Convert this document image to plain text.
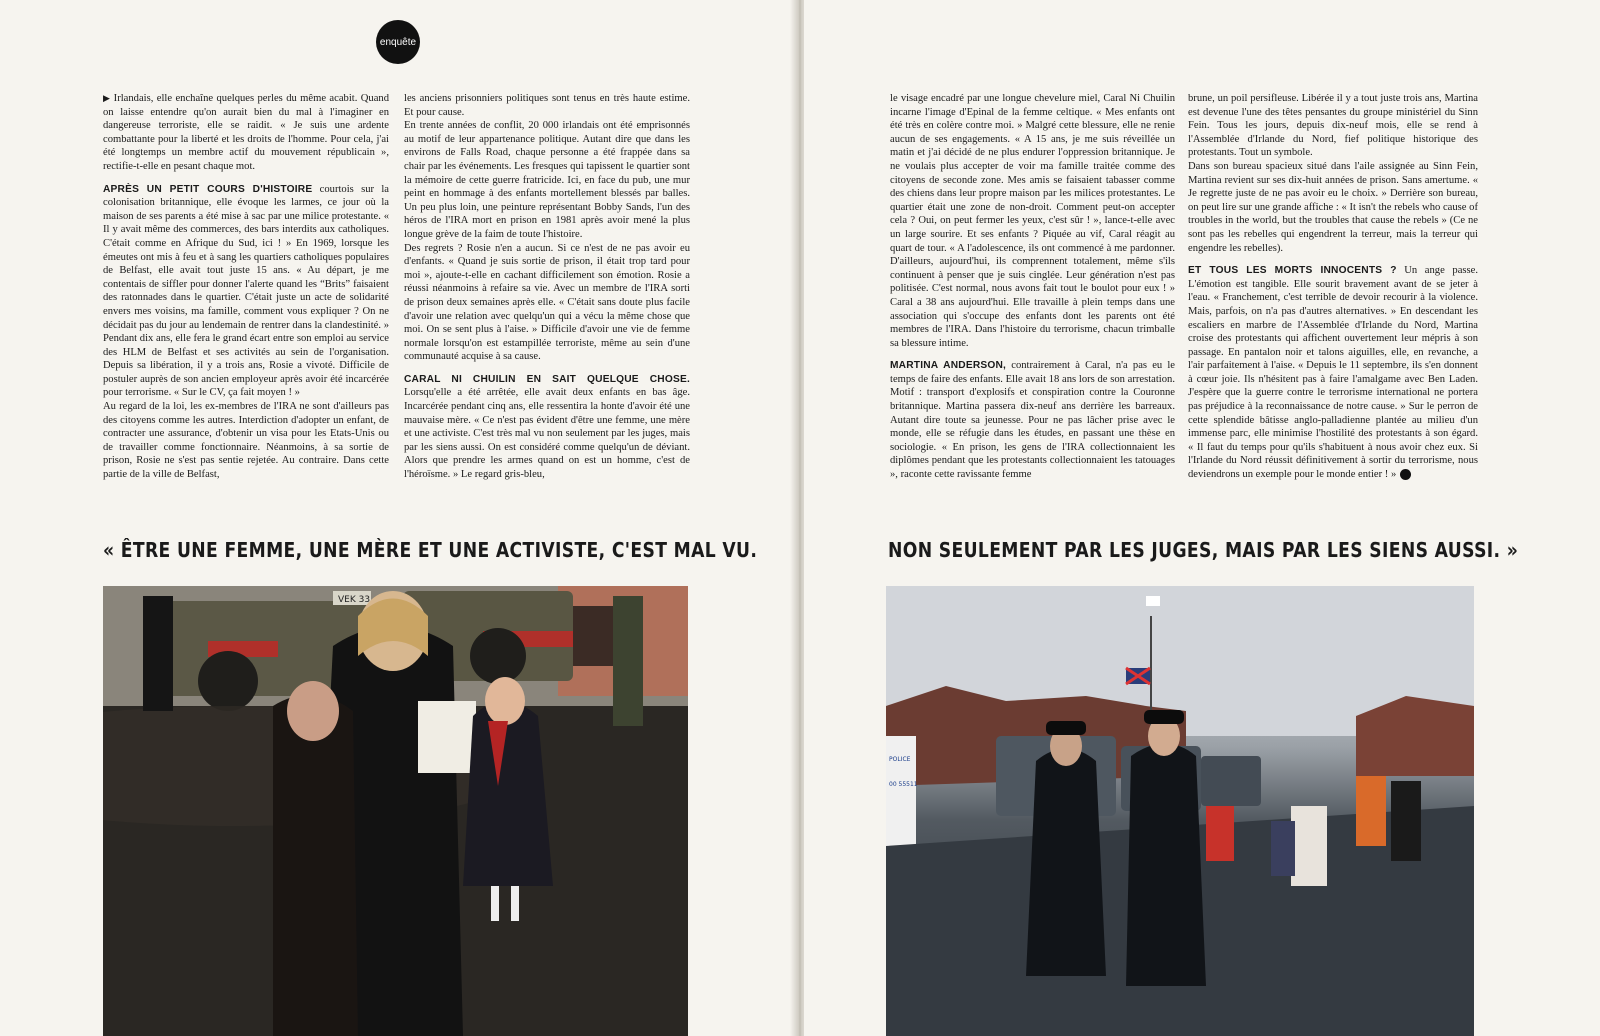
enquête

▶ Irlandais, elle enchaîne quelques perles du même acabit. Quand on laisse entendre qu'on aurait bien du mal à l'imaginer en dangereuse terroriste, elle se raidit. « Je suis une ardente combattante pour la liberté et les droits de l'homme. Pour cela, j'ai été longtemps un membre actif du mouvement républicain », rectifie-t-elle en pesant chaque mot.

APRÈS UN PETIT COURS D'HISTOIRE courtois sur la colonisation britannique, elle évoque les larmes, ce jour où la maison de ses parents a été mise à sac par une milice protestante. « Il y avait même des commerces, des bars interdits aux catholiques. C'était comme en Afrique du Sud, ici ! » En 1969, lorsque les émeutes ont mis à feu et à sang les quartiers catholiques populaires de Belfast, elle avait tout juste 15 ans. « Au départ, je me contentais de siffler pour donner l'alerte quand les “Brits” faisaient des ratonnades dans le quartier. C'était juste un acte de solidarité envers mes voisins, ma famille, comment vous expliquer ? On ne décidait pas du jour au lendemain de rentrer dans la clandestinité. » Pendant dix ans, elle fera le grand écart entre son emploi au service des HLM de Belfast et ses activités au sein de l'organisation. Depuis sa libération, il y a trois ans, Rosie a vivoté. Difficile de postuler auprès de son ancien employeur après avoir été incarcérée pour terrorisme. « Sur le CV, ça fait moyen ! »

Au regard de la loi, les ex-membres de l'IRA ne sont d'ailleurs pas des citoyens comme les autres. Interdiction d'adopter un enfant, de contracter une assurance, d'obtenir un visa pour les Etats-Unis ou de travailler comme fonctionnaire. Néanmoins, à sa sortie de prison, Rosie ne s'est pas sentie rejetée. Au contraire. Dans cette partie de la ville de Belfast,

les anciens prisonniers politiques sont tenus en très haute estime. Et pour cause.

En trente années de conflit, 20 000 irlandais ont été emprisonnés au motif de leur appartenance politique. Autant dire que dans les environs de Falls Road, chaque personne a été frappée dans sa chair par les événements. Les fresques qui tapissent le quartier sont la mémoire de cette guerre fratricide. Ici, en face du pub, une mur peint en hommage à des enfants mortellement blessés par balles. Un peu plus loin, une peinture représentant Bobby Sands, l'un des héros de l'IRA mort en prison en 1981 après avoir mené la plus longue grève de la faim de toute l'histoire.

Des regrets ? Rosie n'en a aucun. Si ce n'est de ne pas avoir eu d'enfants. « Quand je suis sortie de prison, il était trop tard pour moi », ajoute-t-elle en cachant difficilement son émotion. Rosie a réussi néanmoins à refaire sa vie. Avec un membre de l'IRA sorti de prison deux semaines après elle. « C'était sans doute plus facile d'avoir une relation avec quelqu'un qui a vécu la même chose que moi. On se sent plus à l'aise. » Difficile d'avoir une vie de femme normale lorsqu'on est estampillée terroriste, même au sein d'une communauté acquise à sa cause.

CARAL NI CHUILIN EN SAIT QUELQUE CHOSE. Lorsqu'elle a été arrêtée, elle avait deux enfants en bas âge. Incarcérée pendant cinq ans, elle ressentira la honte d'avoir été une mauvaise mère. « Ce n'est pas évident d'être une femme, une mère et une activiste. C'est très mal vu non seulement par les juges, mais par les siens aussi. On est considéré comme quelqu'un de déviant. Alors que prendre les armes quand on est un homme, c'est de l'héroïsme. » Le regard gris-bleu,

« ÊTRE UNE FEMME, UNE MÈRE ET UNE ACTIVISTE, C'EST MAL VU.
VEK 33

le visage encadré par une longue chevelure miel, Caral Ni Chuilin incarne l'image d'Epinal de la femme celtique. « Mes enfants ont été très en colère contre moi. » Malgré cette blessure, elle ne renie aucun de ses engagements. « A 15 ans, je me suis réveillée un matin et j'ai décidé de ne plus endurer l'oppression britannique. Je ne voulais plus accepter de voir ma famille traitée comme des citoyens de seconde zone. Mes amis se faisaient tabasser comme des chiens dans leur propre maison par les milices protestantes. Le quartier était une zone de non-droit. Comment peut-on accepter cela ? Oui, on peut fermer les yeux, c'est sûr ! », lance-t-elle avec un large sourire. Et ses enfants ? Piquée au vif, Caral réagit au quart de tour. « A l'adolescence, ils ont commencé à me pardonner. D'ailleurs, aujourd'hui, ils comprennent totalement, même s'ils continuent à penser que je suis cinglée. Leur génération n'est pas politisée. C'est normal, nous avons fait tout le boulot pour eux ! » Caral a 38 ans aujourd'hui. Elle travaille à plein temps dans une association qui s'occupe des enfants dont les parents ont été membres de l'IRA. Dans l'histoire du terrorisme, chacun trimballe sa blessure intime.

MARTINA ANDERSON, contrairement à Caral, n'a pas eu le temps de faire des enfants. Elle avait 18 ans lors de son arrestation. Motif : transport d'explosifs et conspiration contre la Couronne britannique. Martina passera dix-neuf ans derrière les barreaux. Autant dire toute sa jeunesse. Pour ne pas lâcher prise avec le monde, elle se réfugie dans les études, en passant une thèse en sociologie. « En prison, les gens de l'IRA collectionnaient les diplômes pendant que les protestants collectionnaient les tatouages », raconte cette ravissante femme

brune, un poil persifleuse. Libérée il y a tout juste trois ans, Martina est devenue l'une des têtes pensantes du groupe ministériel du Sinn Fein. Tous les jours, depuis dix-neuf mois, elle se rend à l'Assemblée d'Irlande du Nord, fief politique historique des protestants. Tout un symbole.

Dans son bureau spacieux situé dans l'aile assignée au Sinn Fein, Martina revient sur ses dix-huit années de prison. Sans amertume. « Je regrette juste de ne pas avoir eu le choix. » Derrière son bureau, on peut lire sur une grande affiche : « It isn't the rebels who cause of troubles in the world, but the troubles that cause the rebels » (Ce ne sont pas les rebelles qui engendrent la terreur, mais la terreur qui engendre les rebelles).

ET TOUS LES MORTS INNOCENTS ? Un ange passe. L'émotion est tangible. Elle sourit bravement avant de se jeter à l'eau. « Franchement, c'est terrible de devoir recourir à la violence. Mais, parfois, on n'a pas d'autres alternatives. » En descendant les escaliers en marbre de l'Assemblée d'Irlande du Nord, Martina croise des protestants qui affichent ouvertement leur mépris à son passage. En pantalon noir et talons aiguilles, elle, en revanche, a l'air parfaitement à l'aise. « Depuis le 11 septembre, ils s'en donnent à cœur joie. Ils n'hésitent pas à faire l'amalgame avec Ben Laden. J'espère que la guerre contre le terrorisme international ne portera pas préjudice à la reconnaissance de notre cause. » Sur le perron de cette splendide bâtisse anglo-palladienne plantée au milieu d'un immense parc, elle minimise l'hostilité des protestants à son égard. « Il faut du temps pour qu'ils s'habituent à nous avoir chez eux. Si l'Irlande du Nord réussit définitivement à sortir du terrorisme, nous deviendrons un exemple pour le monde entier ! »

NON SEULEMENT PAR LES JUGES, MAIS PAR LES SIENS AUSSI. »
POLICE
00 55511
